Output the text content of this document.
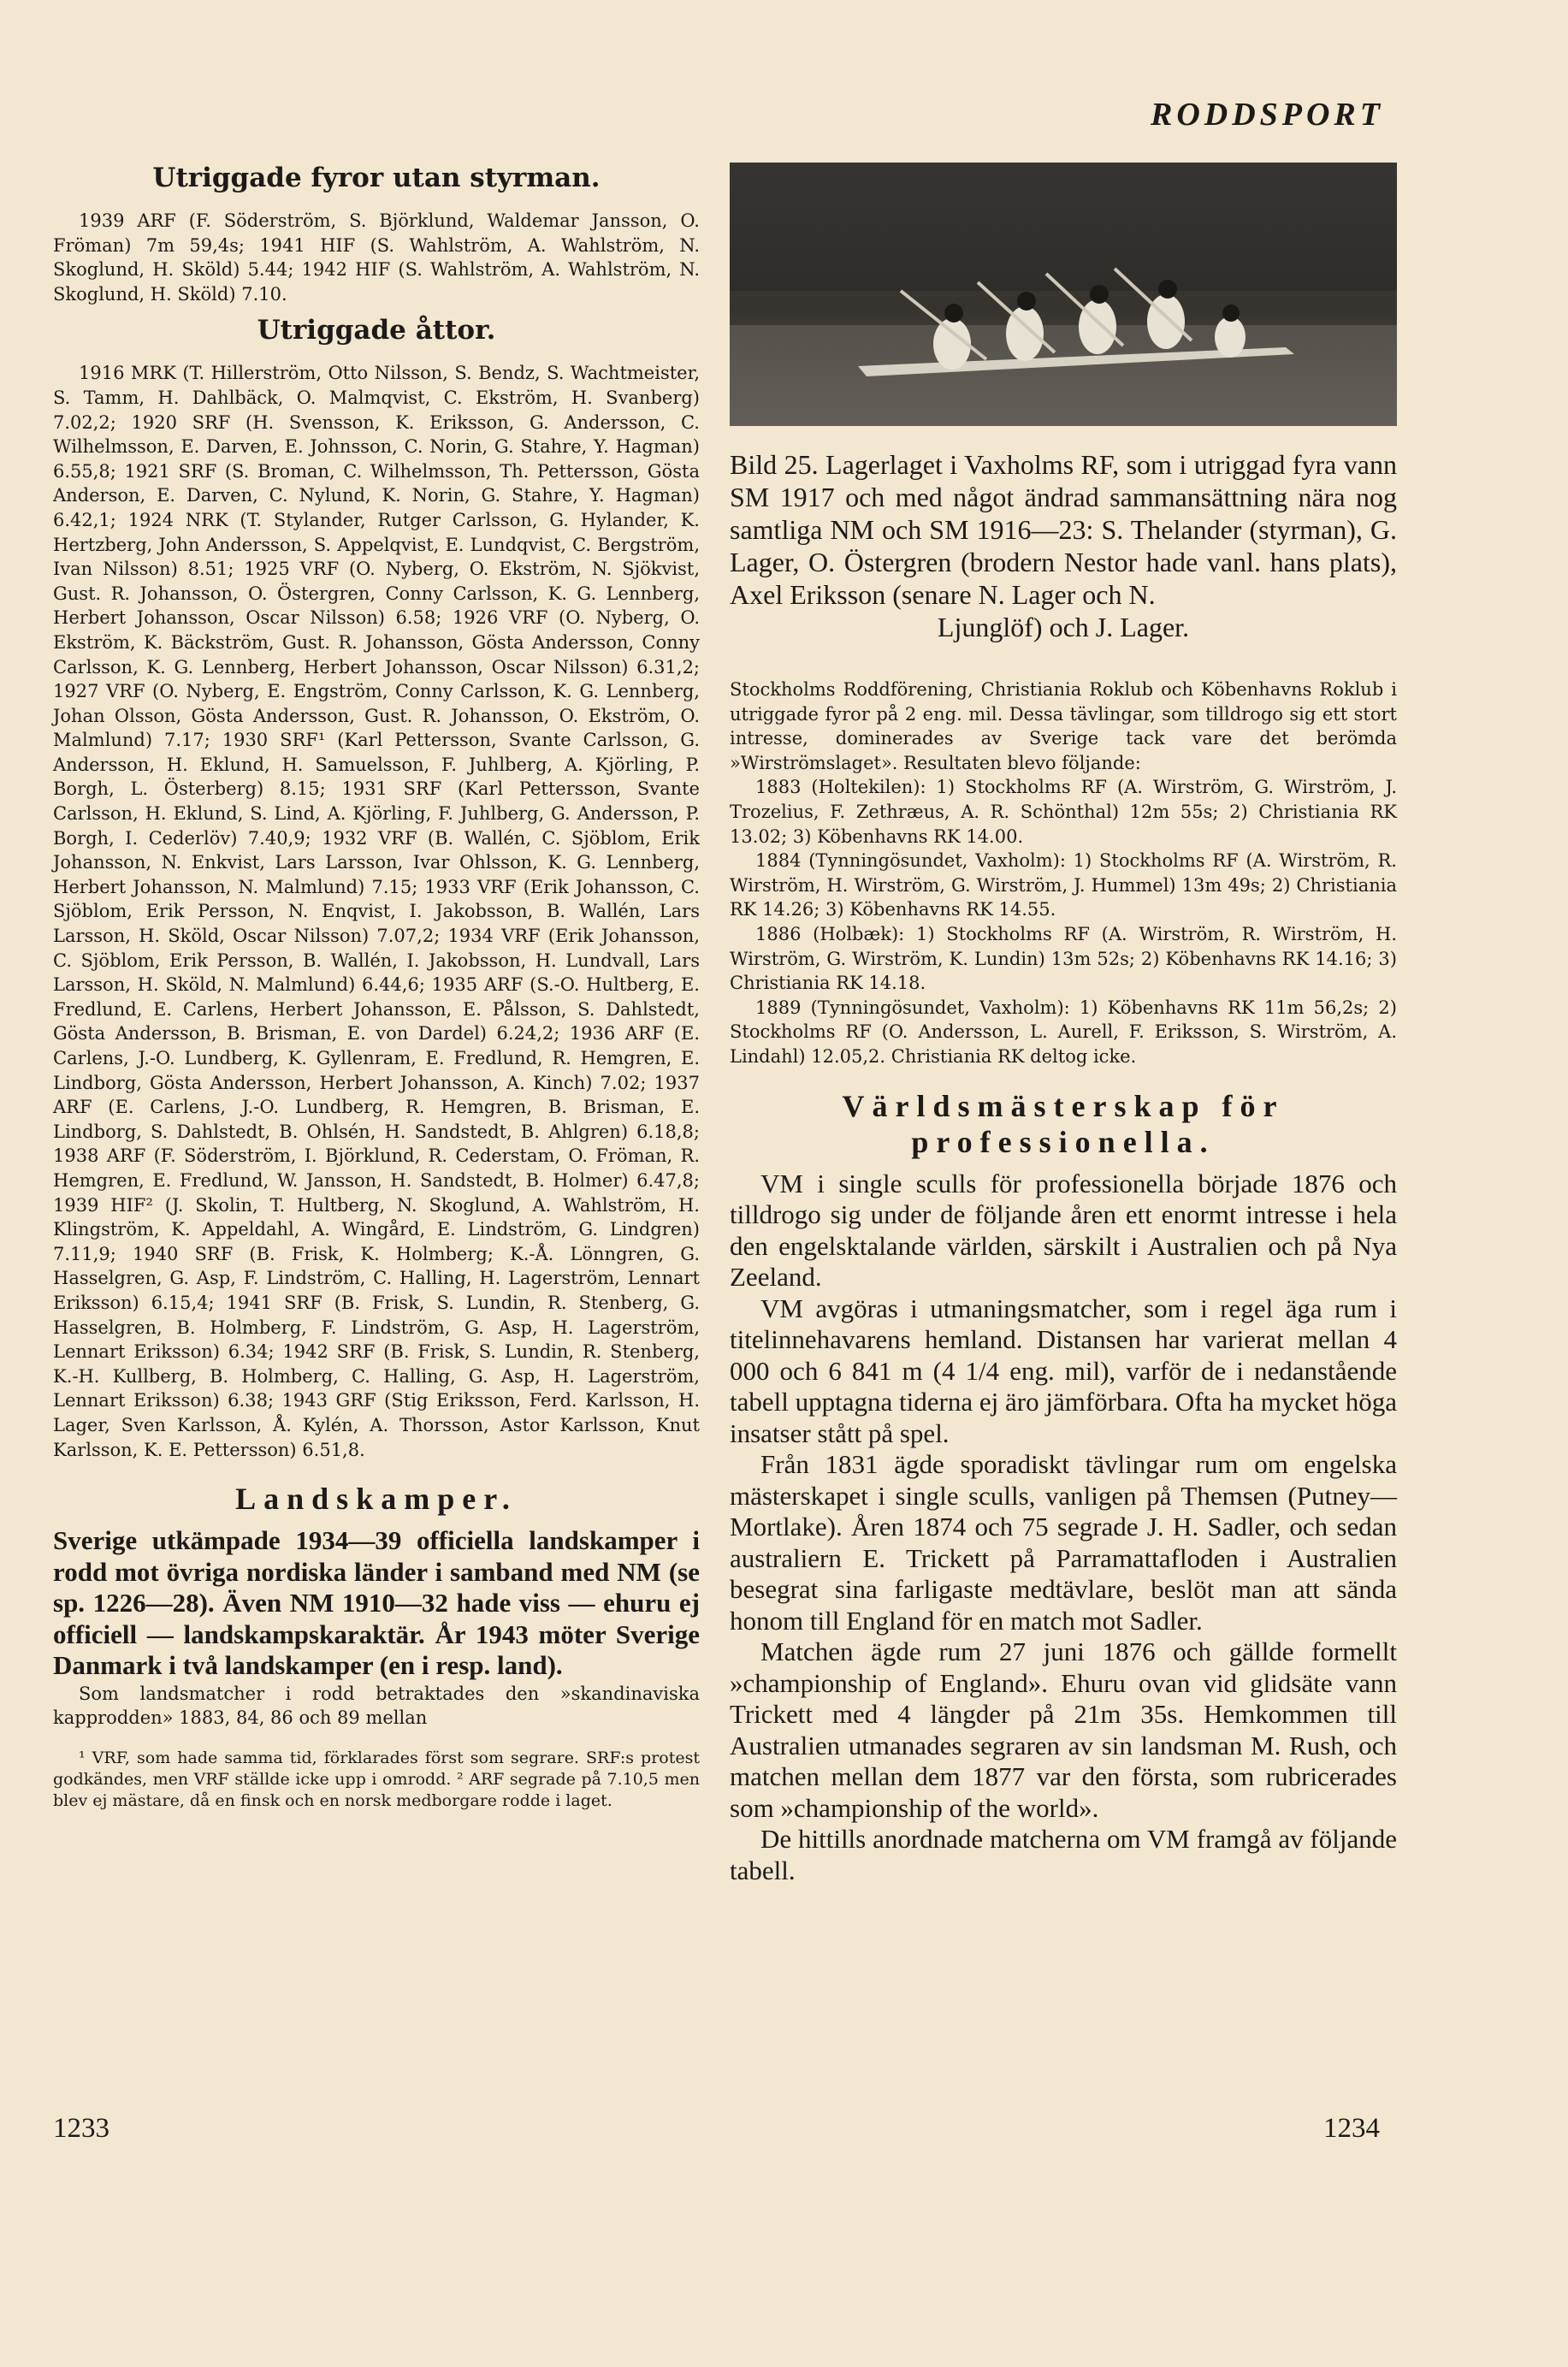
RODDSPORT
Utriggade fyror utan styrman.

1939 ARF (F. Söderström, S. Björklund, Waldemar Jansson, O. Fröman) 7m 59,4s; 1941 HIF (S. Wahlström, A. Wahlström, N. Skoglund, H. Sköld) 5.44; 1942 HIF (S. Wahlström, A. Wahlström, N. Skoglund, H. Sköld) 7.10.

Utriggade åttor.

1916 MRK (T. Hillerström, Otto Nilsson, S. Bendz, S. Wachtmeister, S. Tamm, H. Dahlbäck, O. Malmqvist, C. Ekström, H. Svanberg) 7.02,2; 1920 SRF (H. Svensson, K. Eriksson, G. Andersson, C. Wilhelmsson, E. Darven, E. Johnsson, C. Norin, G. Stahre, Y. Hagman) 6.55,8; 1921 SRF (S. Broman, C. Wilhelmsson, Th. Pettersson, Gösta Anderson, E. Darven, C. Nylund, K. Norin, G. Stahre, Y. Hagman) 6.42,1; 1924 NRK (T. Stylander, Rutger Carlsson, G. Hylander, K. Hertzberg, John Andersson, S. Appelqvist, E. Lundqvist, C. Bergström, Ivan Nilsson) 8.51; 1925 VRF (O. Nyberg, O. Ekström, N. Sjökvist, Gust. R. Johansson, O. Östergren, Conny Carlsson, K. G. Lennberg, Herbert Johansson, Oscar Nilsson) 6.58; 1926 VRF (O. Nyberg, O. Ekström, K. Bäckström, Gust. R. Johansson, Gösta Andersson, Conny Carlsson, K. G. Lennberg, Herbert Johansson, Oscar Nilsson) 6.31,2; 1927 VRF (O. Nyberg, E. Engström, Conny Carlsson, K. G. Lennberg, Johan Olsson, Gösta Andersson, Gust. R. Johansson, O. Ekström, O. Malmlund) 7.17; 1930 SRF¹ (Karl Pettersson, Svante Carlsson, G. Andersson, H. Eklund, H. Samuelsson, F. Juhlberg, A. Kjörling, P. Borgh, L. Österberg) 8.15; 1931 SRF (Karl Pettersson, Svante Carlsson, H. Eklund, S. Lind, A. Kjörling, F. Juhlberg, G. Andersson, P. Borgh, I. Cederlöv) 7.40,9; 1932 VRF (B. Wallén, C. Sjöblom, Erik Johansson, N. Enkvist, Lars Larsson, Ivar Ohlsson, K. G. Lennberg, Herbert Johansson, N. Malmlund) 7.15; 1933 VRF (Erik Johansson, C. Sjöblom, Erik Persson, N. Enqvist, I. Jakobsson, B. Wallén, Lars Larsson, H. Sköld, Oscar Nilsson) 7.07,2; 1934 VRF (Erik Johansson, C. Sjöblom, Erik Persson, B. Wallén, I. Jakobsson, H. Lundvall, Lars Larsson, H. Sköld, N. Malmlund) 6.44,6; 1935 ARF (S.-O. Hultberg, E. Fredlund, E. Carlens, Herbert Johansson, E. Pålsson, S. Dahlstedt, Gösta Andersson, B. Brisman, E. von Dardel) 6.24,2; 1936 ARF (E. Carlens, J.-O. Lundberg, K. Gyllenram, E. Fredlund, R. Hemgren, E. Lindborg, Gösta Andersson, Herbert Johansson, A. Kinch) 7.02; 1937 ARF (E. Carlens, J.-O. Lundberg, R. Hemgren, B. Brisman, E. Lindborg, S. Dahlstedt, B. Ohlsén, H. Sandstedt, B. Ahlgren) 6.18,8; 1938 ARF (F. Söderström, I. Björklund, R. Cederstam, O. Fröman, R. Hemgren, E. Fredlund, W. Jansson, H. Sandstedt, B. Holmer) 6.47,8; 1939 HIF² (J. Skolin, T. Hultberg, N. Skoglund, A. Wahlström, H. Klingström, K. Appeldahl, A. Wingård, E. Lindström, G. Lindgren) 7.11,9; 1940 SRF (B. Frisk, K. Holmberg; K.-Å. Lönngren, G. Hasselgren, G. Asp, F. Lindström, C. Halling, H. Lagerström, Lennart Eriksson) 6.15,4; 1941 SRF (B. Frisk, S. Lundin, R. Stenberg, G. Hasselgren, B. Holmberg, F. Lindström, G. Asp, H. Lagerström, Lennart Eriksson) 6.34; 1942 SRF (B. Frisk, S. Lundin, R. Stenberg, K.-H. Kullberg, B. Holmberg, C. Halling, G. Asp, H. Lagerström, Lennart Eriksson) 6.38; 1943 GRF (Stig Eriksson, Ferd. Karlsson, H. Lager, Sven Karlsson, Å. Kylén, A. Thorsson, Astor Karlsson, Knut Karlsson, K. E. Pettersson) 6.51,8.

Landskamper.

Sverige utkämpade 1934—39 officiella landskamper i rodd mot övriga nordiska länder i samband med NM (se sp. 1226—28). Även NM 1910—32 hade viss — ehuru ej officiell — landskampskaraktär. År 1943 möter Sverige Danmark i två landskamper (en i resp. land).

Som landsmatcher i rodd betraktades den »skandinaviska kapprodden» 1883, 84, 86 och 89 mellan

¹ VRF, som hade samma tid, förklarades först som segrare. SRF:s protest godkändes, men VRF ställde icke upp i omrodd. ² ARF segrade på 7.10,5 men blev ej mästare, då en finsk och en norsk medborgare rodde i laget.

Bild 25. Lagerlaget i Vaxholms RF, som i utriggad fyra vann SM 1917 och med något ändrad sammansättning nära nog samtliga NM och SM 1916—23: S. Thelander (styrman), G. Lager, O. Östergren (brodern Nestor hade vanl. hans plats), Axel Eriksson (senare N. Lager och N.
Ljunglöf) och J. Lager.

Stockholms Roddförening, Christiania Roklub och Köbenhavns Roklub i utriggade fyror på 2 eng. mil. Dessa tävlingar, som tilldrogo sig ett stort intresse, dominerades av Sverige tack vare det berömda »Wirströmslaget». Resultaten blevo följande:

1883 (Holtekilen): 1) Stockholms RF (A. Wirström, G. Wirström, J. Trozelius, F. Zethræus, A. R. Schönthal) 12m 55s; 2) Christiania RK 13.02; 3) Köbenhavns RK 14.00.

1884 (Tynningösundet, Vaxholm): 1) Stockholms RF (A. Wirström, R. Wirström, H. Wirström, G. Wirström, J. Hummel) 13m 49s; 2) Christiania RK 14.26; 3) Köbenhavns RK 14.55.

1886 (Holbæk): 1) Stockholms RF (A. Wirström, R. Wirström, H. Wirström, G. Wirström, K. Lundin) 13m 52s; 2) Köbenhavns RK 14.16; 3) Christiania RK 14.18.

1889 (Tynningösundet, Vaxholm): 1) Köbenhavns RK 11m 56,2s; 2) Stockholms RF (O. Andersson, L. Aurell, F. Eriksson, S. Wirström, A. Lindahl) 12.05,2. Christiania RK deltog icke.

Världsmästerskap för professionella.

VM i single sculls för professionella började 1876 och tilldrogo sig under de följande åren ett enormt intresse i hela den engelsktalande världen, särskilt i Australien och på Nya Zeeland.

VM avgöras i utmaningsmatcher, som i regel äga rum i titelinnehavarens hemland. Distansen har varierat mellan 4 000 och 6 841 m (4 1/4 eng. mil), varför de i nedanstående tabell upptagna tiderna ej äro jämförbara. Ofta ha mycket höga insatser stått på spel.

Från 1831 ägde sporadiskt tävlingar rum om engelska mästerskapet i single sculls, vanligen på Themsen (Putney—Mortlake). Åren 1874 och 75 segrade J. H. Sadler, och sedan australiern E. Trickett på Parramattafloden i Australien besegrat sina farligaste medtävlare, beslöt man att sända honom till England för en match mot Sadler.

Matchen ägde rum 27 juni 1876 och gällde formellt »championship of England». Ehuru ovan vid glidsäte vann Trickett med 4 längder på 21m 35s. Hemkommen till Australien utmanades segraren av sin landsman M. Rush, och matchen mellan dem 1877 var den första, som rubricerades som »championship of the world».

De hittills anordnade matcherna om VM framgå av följande tabell.

1233	1234
